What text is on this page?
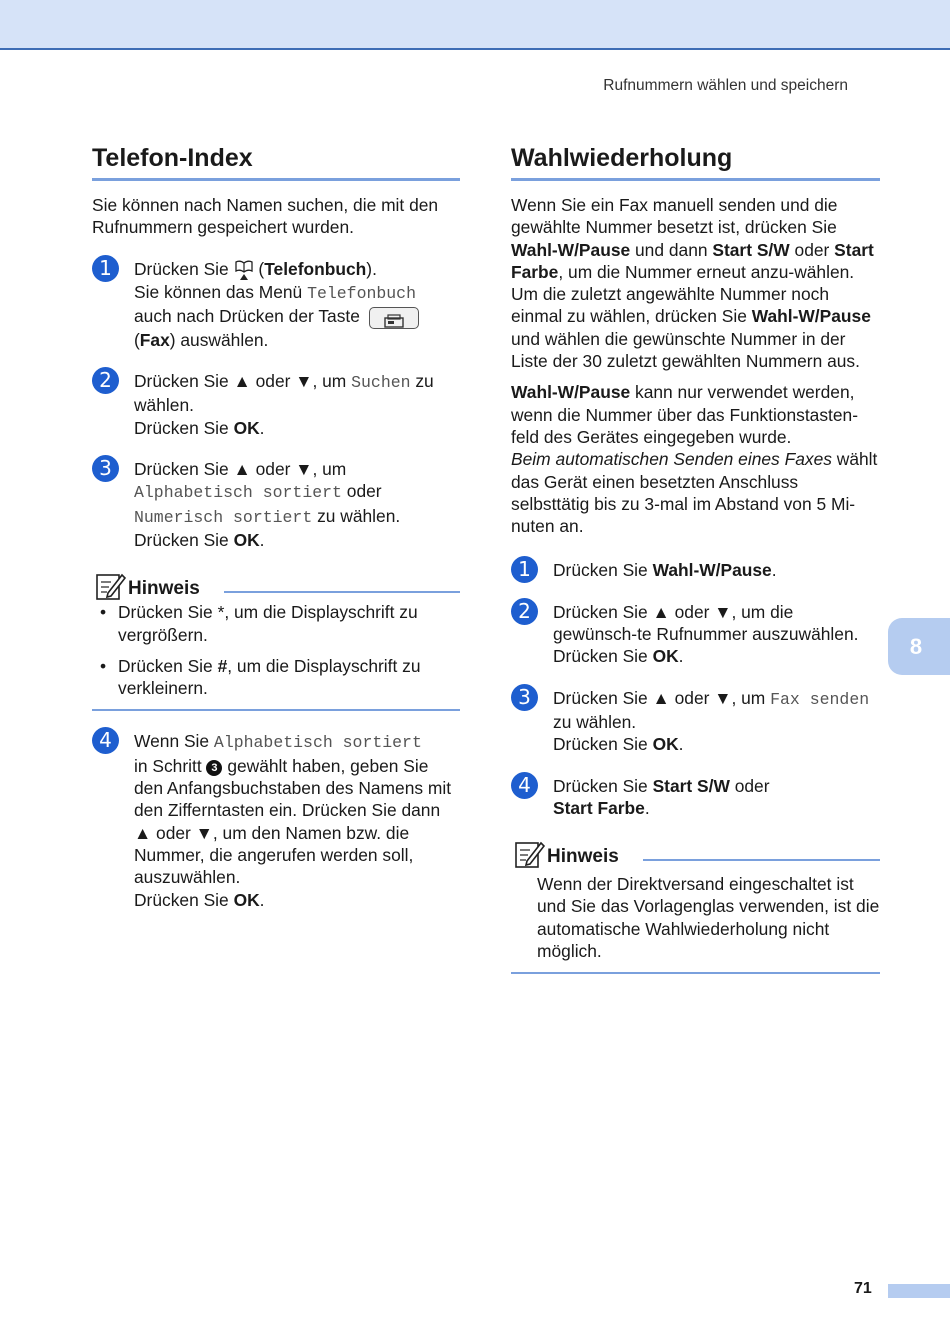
Rufnummern wählen und speichern
Telefon-Index

Sie können nach Namen suchen, die mit den Rufnummern gespeichert wurden.

1	Drücken Sie  (Telefonbuch).
Sie können das Menü Telefonbuch
auch nach Drücken der Taste
(Fax) auswählen.

2	Drücken Sie ▲ oder ▼, um Suchen zu wählen.
Drücken Sie OK.

3	Drücken Sie ▲ oder ▼, um
Alphabetisch sortiert oder
Numerisch sortiert zu wählen.
Drücken Sie OK.

Hinweis
• Drücken Sie *, um die Displayschrift zu vergrößern.
• Drücken Sie #, um die Displayschrift zu verkleinern.
4	Wenn Sie Alphabetisch sortiert
in Schritt 3 gewählt haben, geben Sie den Anfangsbuchstaben des Namens mit den Zifferntasten ein. Drücken Sie dann ▲ oder ▼, um den Namen bzw. die Nummer, die angerufen werden soll, auszuwählen.
Drücken Sie OK.

Wahlwiederholung

Wenn Sie ein Fax manuell senden und die gewählte Nummer besetzt ist, drücken Sie Wahl-W/Pause und dann Start S/W oder Start Farbe, um die Nummer erneut anzu-wählen. Um die zuletzt angewählte Nummer noch einmal zu wählen, drücken Sie Wahl-W/Pause und wählen die gewünschte Nummer in der Liste der 30 zuletzt gewählten Nummern aus.

Wahl-W/Pause kann nur verwendet werden, wenn die Nummer über das Funktionstasten-feld des Gerätes eingegeben wurde.
Beim automatischen Senden eines Faxes wählt das Gerät einen besetzten Anschluss selbsttätig bis zu 3-mal im Abstand von 5 Mi-nuten an.

1	Drücken Sie Wahl-W/Pause.

2	Drücken Sie ▲ oder ▼, um die gewünsch-te Rufnummer auszuwählen.
Drücken Sie OK.

3	Drücken Sie ▲ oder ▼, um Fax senden
zu wählen.
Drücken Sie OK.

4	Drücken Sie Start S/W oder
Start Farbe.

Hinweis

Wenn der Direktversand eingeschaltet ist und Sie das Vorlagenglas verwenden, ist die automatische Wahlwiederholung nicht möglich.

8
71
